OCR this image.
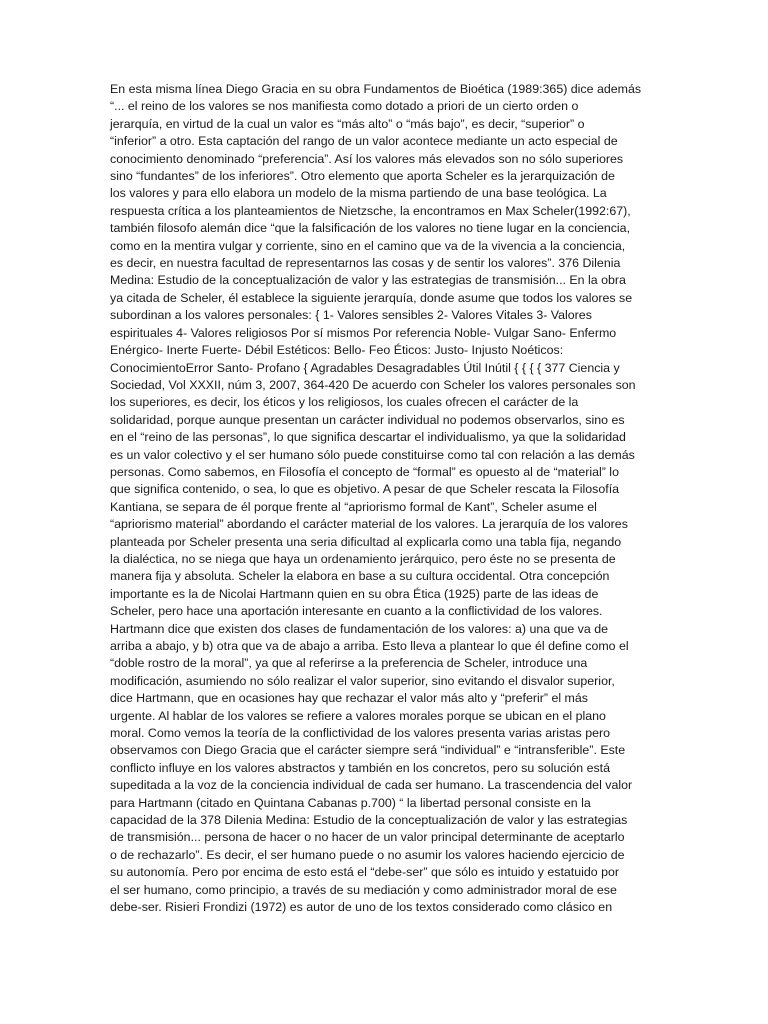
En esta misma línea Diego Gracia en su obra Fundamentos de Bioética (1989:365) dice además
“... el reino de los valores se nos manifiesta como dotado a priori de un cierto orden o
jerarquía, en virtud de la cual un valor es “más alto” o “más bajo”, es decir, “superior” o
“inferior” a otro. Esta captación del rango de un valor acontece mediante un acto especial de
conocimiento denominado “preferencia”. Así los valores más elevados son no sólo superiores
sino “fundantes” de los inferiores”. Otro elemento que aporta Scheler es la jerarquización de
los valores y para ello elabora un modelo de la misma partiendo de una base teológica. La
respuesta crítica a los planteamientos de Nietzsche, la encontramos en Max Scheler(1992:67),
también filosofo alemán dice “que la falsificación de los valores no tiene lugar en la conciencia,
como en la mentira vulgar y corriente, sino en el camino que va de la vivencia a la conciencia,
es decir, en nuestra facultad de representarnos las cosas y de sentir los valores”. 376 Dilenia
Medina: Estudio de la conceptualización de valor y las estrategias de transmisión... En la obra
ya citada de Scheler, él establece la siguiente jerarquía, donde asume que todos los valores se
subordinan a los valores personales: { 1- Valores sensibles 2- Valores Vitales 3- Valores
espirituales 4- Valores religiosos Por sí mismos Por referencia Noble- Vulgar Sano- Enfermo
Enérgico- Inerte Fuerte- Débil Estéticos: Bello- Feo Éticos: Justo- Injusto Noéticos:
ConocimientoError Santo- Profano { Agradables Desagradables Útil Inútil { { { { 377 Ciencia y
Sociedad, Vol XXXII, núm 3, 2007, 364-420 De acuerdo con Scheler los valores personales son
los superiores, es decir, los éticos y los religiosos, los cuales ofrecen el carácter de la
solidaridad, porque aunque presentan un carácter individual no podemos observarlos, sino es
en el “reino de las personas”, lo que significa descartar el individualismo, ya que la solidaridad
es un valor colectivo y el ser humano sólo puede constituirse como tal con relación a las demás
personas. Como sabemos, en Filosofía el concepto de “formal” es opuesto al de “material” lo
que significa contenido, o sea, lo que es objetivo. A pesar de que Scheler rescata la Filosofía
Kantiana, se separa de él porque frente al “apriorismo formal de Kant”, Scheler asume el
“apriorismo material” abordando el carácter material de los valores. La jerarquía de los valores
planteada por Scheler presenta una seria dificultad al explicarla como una tabla fija, negando
la dialéctica, no se niega que haya un ordenamiento jerárquico, pero éste no se presenta de
manera fija y absoluta. Scheler la elabora en base a su cultura occidental. Otra concepción
importante es la de Nicolai Hartmann quien en su obra Ética (1925) parte de las ideas de
Scheler, pero hace una aportación interesante en cuanto a la conflictividad de los valores.
Hartmann dice que existen dos clases de fundamentación de los valores: a) una que va de
arriba a abajo, y b) otra que va de abajo a arriba. Esto lleva a plantear lo que él define como el
“doble rostro de la moral”, ya que al referirse a la preferencia de Scheler, introduce una
modificación, asumiendo no sólo realizar el valor superior, sino evitando el disvalor superior,
dice Hartmann, que en ocasiones hay que rechazar el valor más alto y “preferir” el más
urgente. Al hablar de los valores se refiere a valores morales porque se ubican en el plano
moral. Como vemos la teoría de la conflictividad de los valores presenta varias aristas pero
observamos con Diego Gracia que el carácter siempre será “individual” e “intransferible”. Este
conflicto influye en los valores abstractos y también en los concretos, pero su solución está
supeditada a la voz de la conciencia individual de cada ser humano. La trascendencia del valor
para Hartmann (citado en Quintana Cabanas p.700) “ la libertad personal consiste en la
capacidad de la 378 Dilenia Medina: Estudio de la conceptualización de valor y las estrategias
de transmisión... persona de hacer o no hacer de un valor principal determinante de aceptarlo
o de rechazarlo”. Es decir, el ser humano puede o no asumir los valores haciendo ejercicio de
su autonomía. Pero por encima de esto está el “debe-ser” que sólo es intuido y estatuido por
el ser humano, como principio, a través de su mediación y como administrador moral de ese
debe-ser. Risieri Frondizi (1972) es autor de uno de los textos considerado como clásico en
